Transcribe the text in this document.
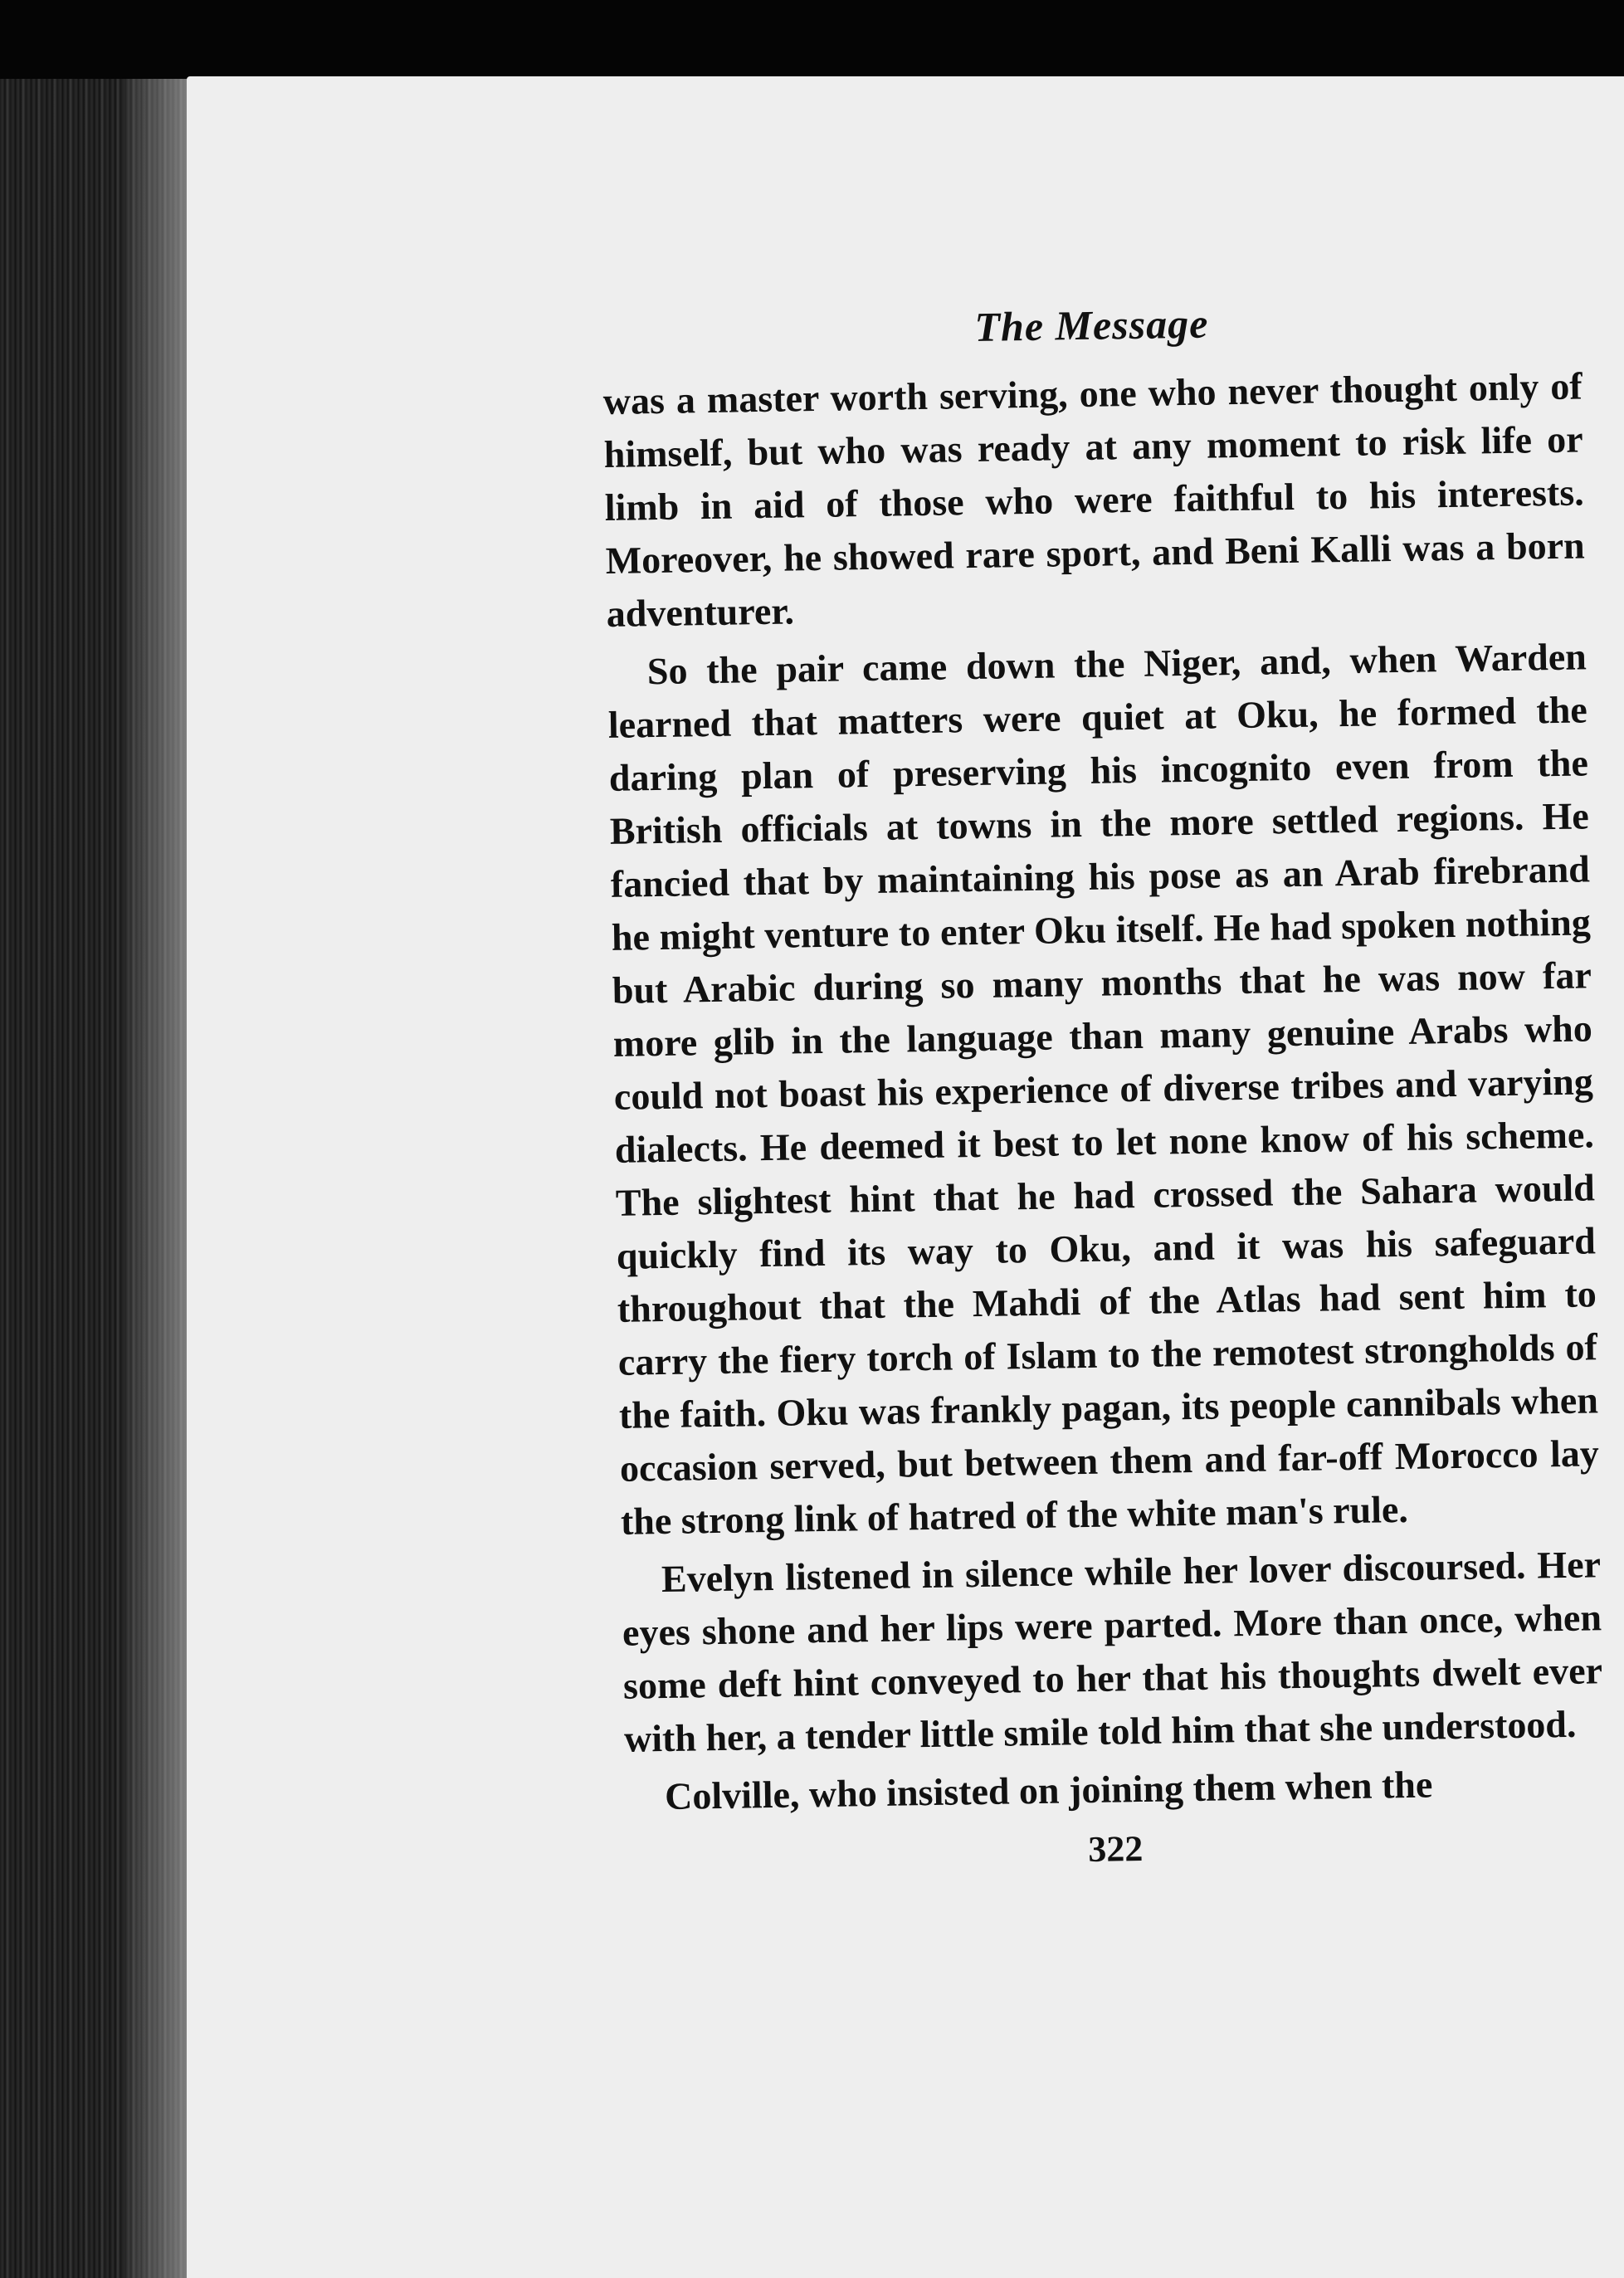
The Message

was a master worth serving, one who never thought only of himself, but who was ready at any moment to risk life or limb in aid of those who were faithful to his interests. Moreover, he showed rare sport, and Beni Kalli was a born adventurer.

So the pair came down the Niger, and, when Warden learned that matters were quiet at Oku, he formed the daring plan of preserving his incognito even from the British officials at towns in the more settled regions. He fancied that by maintaining his pose as an Arab firebrand he might venture to enter Oku itself. He had spoken nothing but Arabic during so many months that he was now far more glib in the language than many genuine Arabs who could not boast his experience of diverse tribes and varying dialects. He deemed it best to let none know of his scheme. The slightest hint that he had crossed the Sahara would quickly find its way to Oku, and it was his safeguard throughout that the Mahdi of the Atlas had sent him to carry the fiery torch of Islam to the remotest strongholds of the faith. Oku was frankly pagan, its people cannibals when occasion served, but between them and far-off Morocco lay the strong link of hatred of the white man's rule.

Evelyn listened in silence while her lover discoursed. Her eyes shone and her lips were parted. More than once, when some deft hint conveyed to her that his thoughts dwelt ever with her, a tender little smile told him that she understood.

Colville, who insisted on joining them when the

322
